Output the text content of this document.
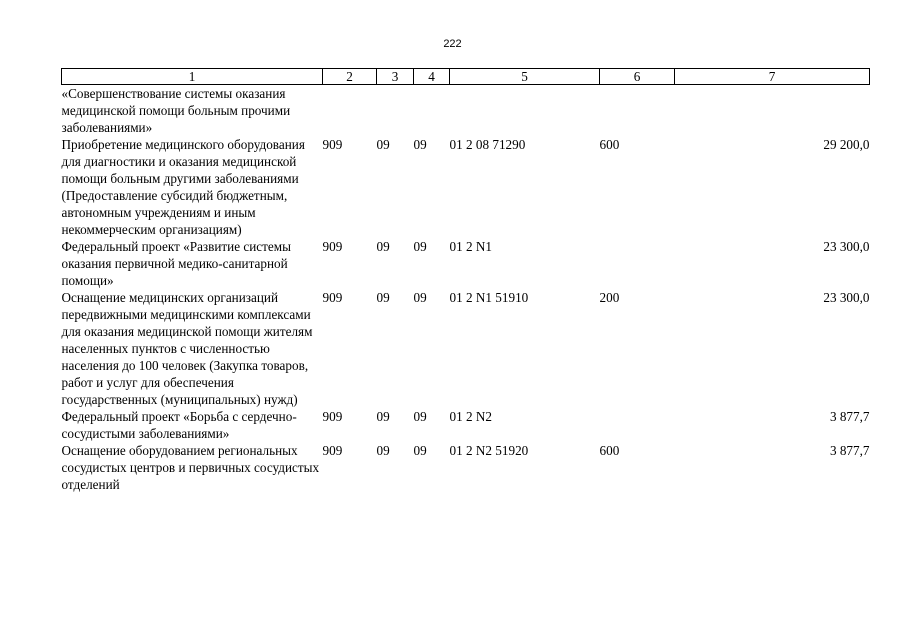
222
1	2	3	4	5	6	7
«Совершенствование системы оказания медицинской помощи больным прочими заболеваниями»						
Приобретение медицинского оборудования для диагностики и оказания медицинской помощи больным другими заболеваниями (Предоставление субсидий бюджетным, автономным учреждениям и иным некоммерческим организациям)	909	09	09	01 2 08 71290	600	29 200,0
Федеральный проект «Развитие системы оказания первичной медико-санитарной помощи»	909	09	09	01 2 N1		23 300,0
Оснащение медицинских организаций передвижными медицинскими комплексами для оказания медицинской помощи жителям населенных пунктов с численностью населения до 100 человек (Закупка товаров, работ и услуг для обеспечения государственных (муниципальных) нужд)	909	09	09	01 2 N1 51910	200	23 300,0
Федеральный проект «Борьба с сердечно-сосудистыми заболеваниями»	909	09	09	01 2 N2		3 877,7
Оснащение оборудованием региональных сосудистых центров и первичных сосудистых отделений	909	09	09	01 2 N2 51920	600	3 877,7
